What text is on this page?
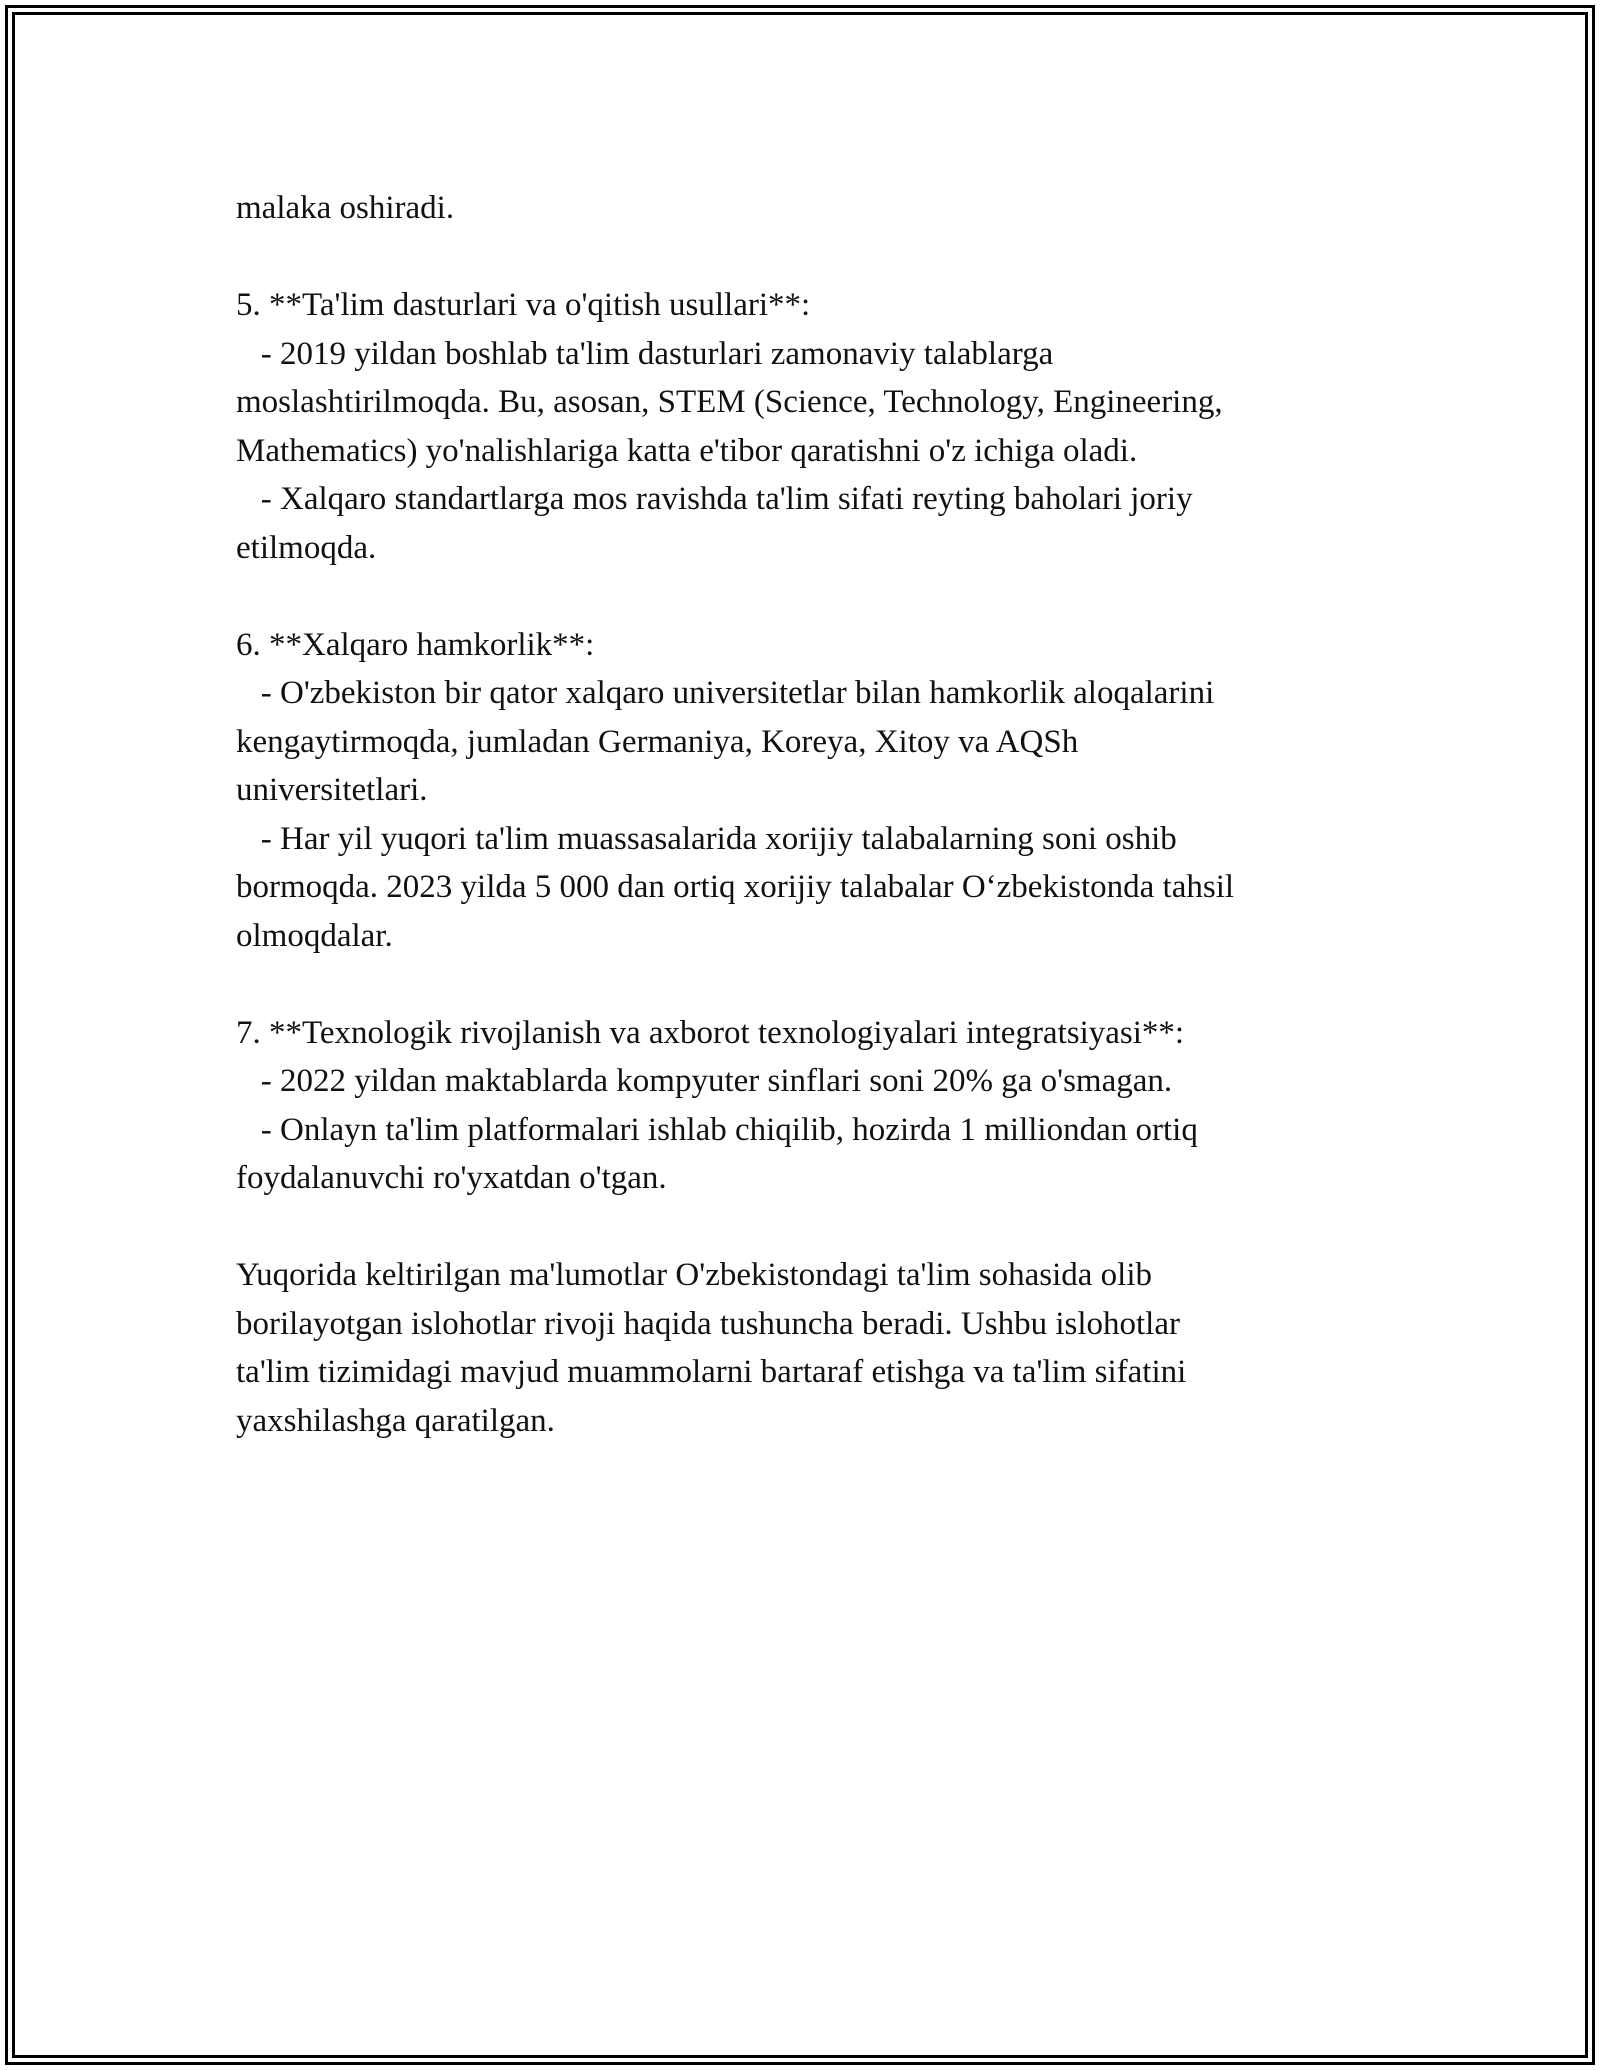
malaka oshiradi.
5. **Ta'lim dasturlari va o'qitish usullari**:
- 2019 yildan boshlab ta'lim dasturlari zamonaviy talablarga
moslashtirilmoqda. Bu, asosan, STEM (Science, Technology, Engineering,
Mathematics) yo'nalishlariga katta e'tibor qaratishni o'z ichiga oladi.
- Xalqaro standartlarga mos ravishda ta'lim sifati reyting baholari joriy
etilmoqda.
6. **Xalqaro hamkorlik**:
- O'zbekiston bir qator xalqaro universitetlar bilan hamkorlik aloqalarini
kengaytirmoqda, jumladan Germaniya, Koreya, Xitoy va AQSh
universitetlari.
- Har yil yuqori ta'lim muassasalarida xorijiy talabalarning soni oshib
bormoqda. 2023 yilda 5 000 dan ortiq xorijiy talabalar O‘zbekistonda tahsil
olmoqdalar.
7. **Texnologik rivojlanish va axborot texnologiyalari integratsiyasi**:
- 2022 yildan maktablarda kompyuter sinflari soni 20% ga o'smagan.
- Onlayn ta'lim platformalari ishlab chiqilib, hozirda 1 milliondan ortiq
foydalanuvchi ro'yxatdan o'tgan.
Yuqorida keltirilgan ma'lumotlar O'zbekistondagi ta'lim sohasida olib
borilayotgan islohotlar rivoji haqida tushuncha beradi. Ushbu islohotlar
ta'lim tizimidagi mavjud muammolarni bartaraf etishga va ta'lim sifatini
yaxshilashga qaratilgan.
